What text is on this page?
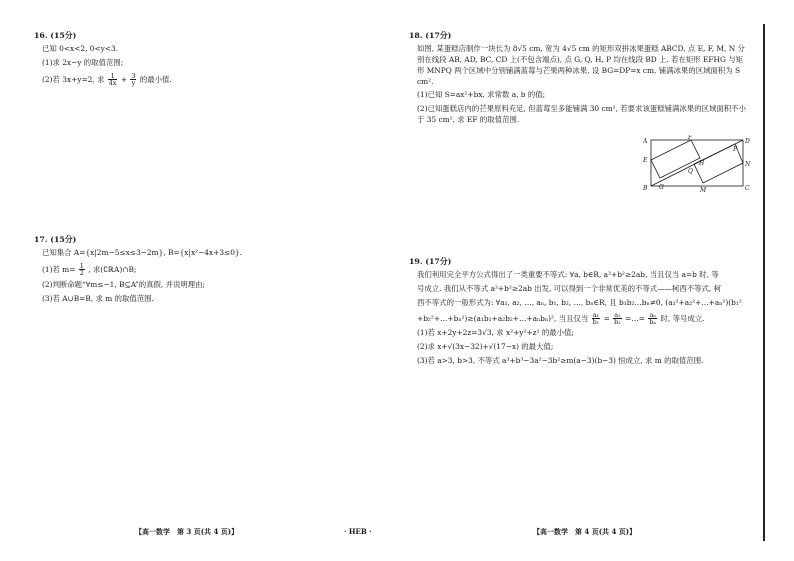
16. (15分)
已知 0<x<2, 0<y<3.
(1)求 2x−y 的取值范围;
(2)若 3x+y=2, 求 $\frac{1}{4x} + \frac{3}{y}$ 的最小值.
17. (15分)
已知集合 A={x|2m−5≤x≤3−2m}, B={x|x²−4x+3≤0}.
(1)若 $m= \frac{1}{2}$ , 求(∁ℝA)∩B;
(2)判断命题“∀m≤−1, B⊆A”的真假, 并说明理由;
(3)若 A∪B=B, 求 m 的取值范围.
【高一数学　第 3 页(共 4 页)】	· HEB ·
18. (17分)
如图, 某蛋糕店制作一块长为 8√5 cm, 宽为 4√5 cm 的矩形双拼冰果蛋糕 ABCD, 点 E, F, M, N 分别在线段 AB, AD, BC, CD 上(不包含端点), 点 G, Q, H, P 均在线段 BD 上. 若在矩形 EFHG 与矩形 MNPQ 两个区域中分别铺满蓝莓与芒果两种冰果, 设 BG=DP=x cm, 铺满冰果的区域面积为 S cm².
(1)已知 S=ax²+bx, 求常数 a, b 的值;
(2)已知蛋糕店内的芒果原料充足, 但蓝莓至多能铺满 30 cm², 若要求该蛋糕铺满冰果的区域面积不小于 35 cm², 求 EF 的取值范围.
A
F
D
E	H
P
N
Q
B G	M	C
19. (17分)
我们利用完全平方公式得出了一类重要不等式: ∀a, b∈R, a²+b²≥2ab, 当且仅当 a=b 时, 等
号成立. 我们从不等式 a²+b²≥2ab 出发, 可以得到一个非常优美的不等式——柯西不等式, 柯
西不等式的一般形式为: ∀a₁, a₂, …, aₙ, b₁, b₂, …, bₙ∈R, 且 b₁b₂…bₙ≠0, (a₁²+a₂²+…+aₙ²)(b₁²
+b₂²+…+bₙ²)≥(a₁b₁+a₂b₂+…+aₙbₙ)², 当且仅当 $\frac{\text{a₁}}{\text{b₁}} = \frac{\text{a₂}}{\text{b₂}}$ =…= $\frac{\text{aₙ}}{\text{bₙ}}$ 时, 等号成立.
(1)若 x+2y+2z=3√3, 求 x²+y²+z² 的最小值;
(2)求 x+√(3x−32)+√(17−x) 的最大值;
(3)若 a>3, b>3, 不等式 a³+b³−3a²−3b²≥m(a−3)(b−3) 恒成立, 求 m 的取值范围.
【高一数学　第 4 页(共 4 页)】
